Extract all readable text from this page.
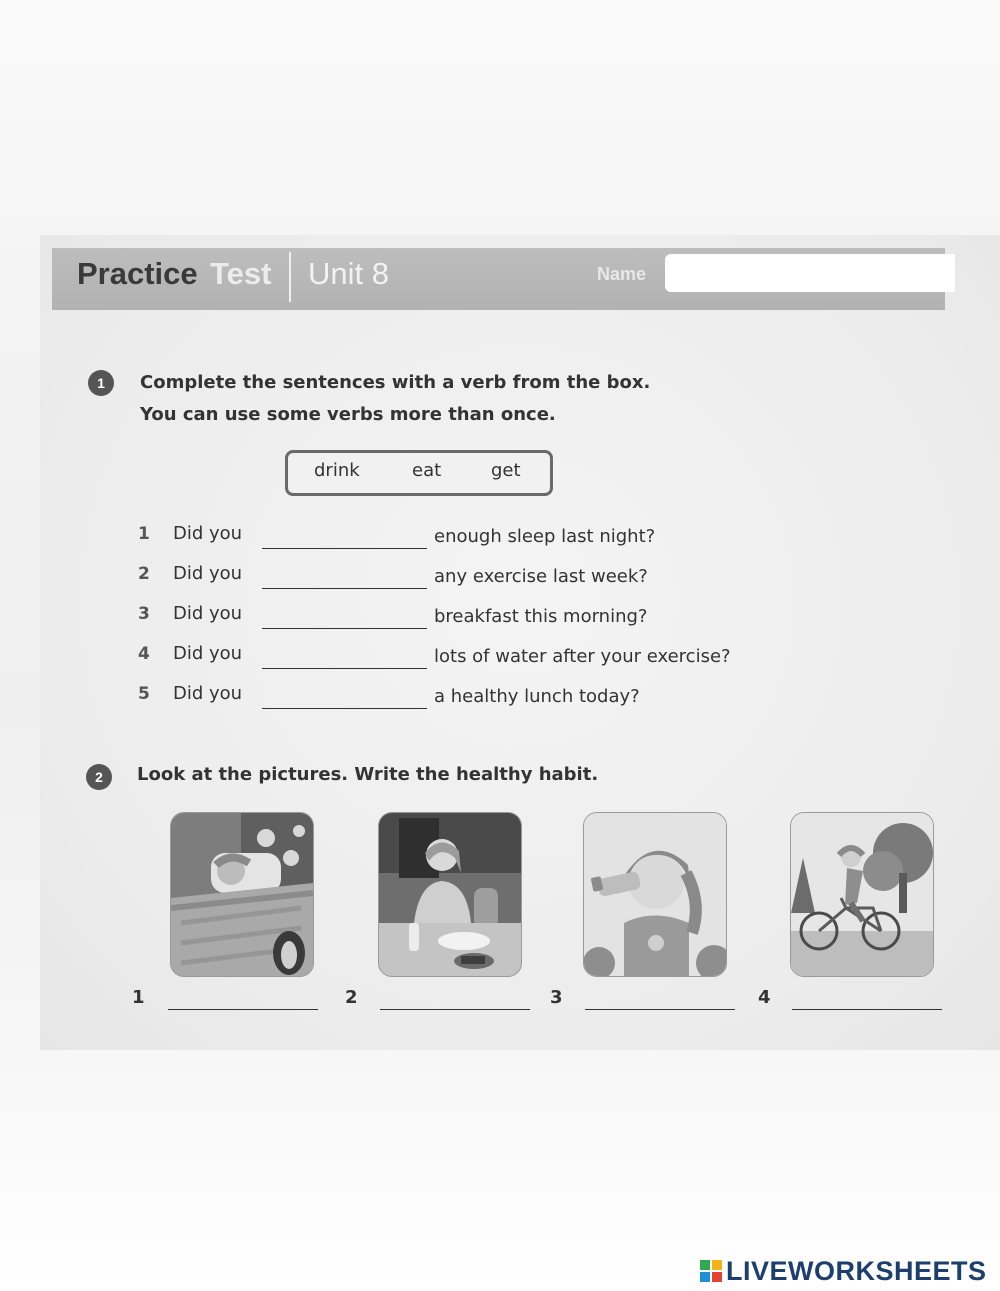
Practice Test Unit 8	Name
1	Complete the sentences with a verb from the box.
You can use some verbs more than once.
drink	eat	get
1 Did you	enough sleep last night?
2 Did you	any exercise last week?
3 Did you	breakfast this morning?
4 Did you	lots of water after your exercise?
5 Did you	a healthy lunch today?
2	Look at the pictures. Write the healthy habit.
1	2	3	4
LIVEWORKSHEETS
